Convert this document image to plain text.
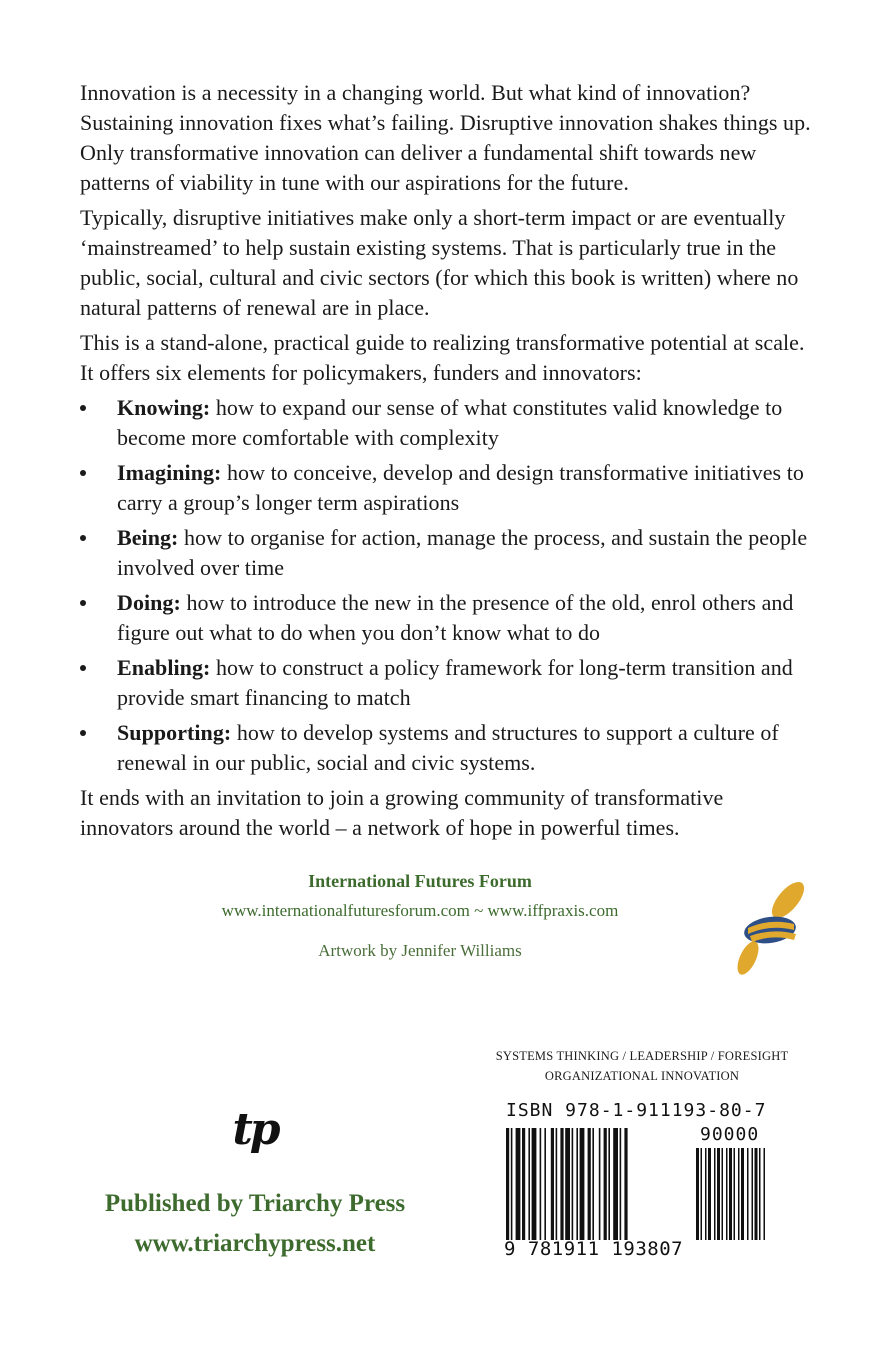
Innovation is a necessity in a changing world. But what kind of innovation? Sustaining innovation fixes what’s failing. Disruptive innovation shakes things up. Only transformative innovation can deliver a fundamental shift towards new patterns of viability in tune with our aspirations for the future.

Typically, disruptive initiatives make only a short-term impact or are eventually ‘mainstreamed’ to help sustain existing systems. That is particularly true in the public, social, cultural and civic sectors (for which this book is written) where no natural patterns of renewal are in place.

This is a stand-alone, practical guide to realizing transformative potential at scale. It offers six elements for policymakers, funders and innovators:

Knowing: how to expand our sense of what constitutes valid knowledge to become more comfortable with complexity
Imagining: how to conceive, develop and design transformative initiatives to carry a group’s longer term aspirations
Being: how to organise for action, manage the process, and sustain the people involved over time
Doing: how to introduce the new in the presence of the old, enrol others and figure out what to do when you don’t know what to do
Enabling: how to construct a policy framework for long-term transition and provide smart financing to match
Supporting: how to develop systems and structures to support a culture of renewal in our public, social and civic systems.

It ends with an invitation to join a growing community of transformative innovators around the world – a network of hope in powerful times.

International Futures Forum
www.internationalfuturesforum.com ~ www.iffpraxis.com
Artwork by Jennifer Williams
SYSTEMS THINKING / LEADERSHIP / FORESIGHT
ORGANIZATIONAL INNOVATION
ISBN 978-1-911193-80-7
90000
9 781911 193807
tp
Published by Triarchy Press
www.triarchypress.net
